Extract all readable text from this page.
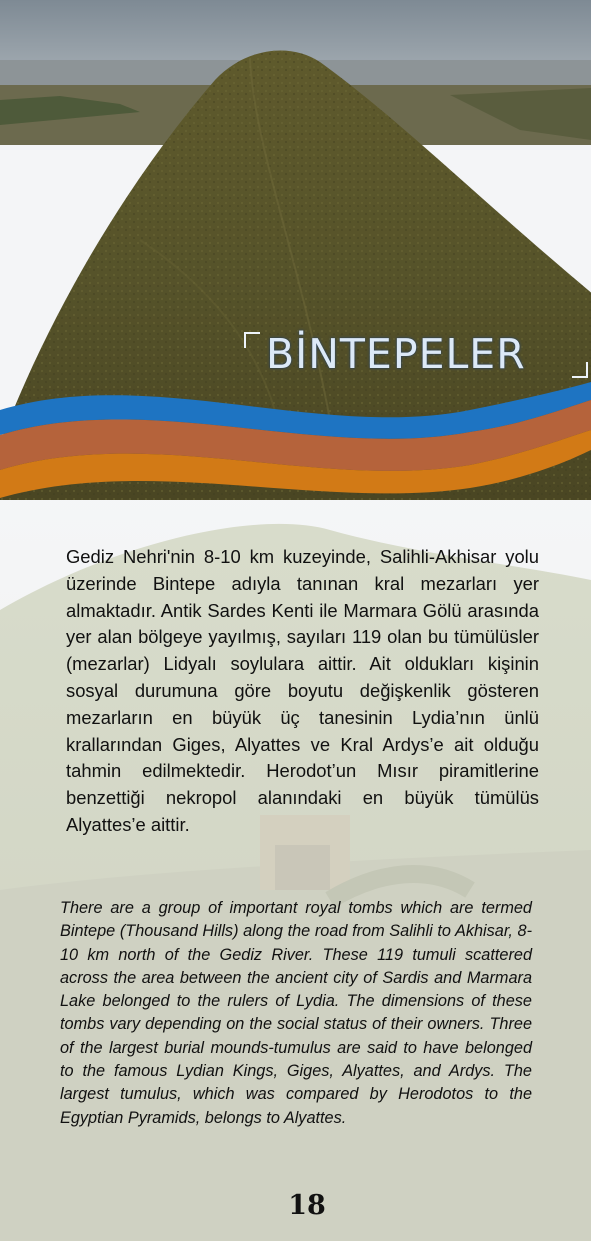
BİNTEPELER

Gediz Nehri'nin 8-10 km kuzeyinde, Salihli-Akhisar yolu üzerinde Bintepe adıyla tanınan kral mezarları yer almaktadır. Antik Sardes Kenti ile Marmara Gölü arasında yer alan bölgeye yayılmış, sayıları 119 olan bu tümülüsler (mezarlar) Lidyalı soylulara aittir. Ait oldukları kişinin sosyal durumuna göre boyutu değişkenlik gösteren mezarların en büyük üç tanesinin Lydia’nın ünlü krallarından Giges, Alyattes ve Kral Ardys’e ait olduğu tahmin edilmektedir. Herodot’un Mısır piramitlerine benzettiği nekropol alanındaki en büyük tümülüs Alyattes’e aittir.

There are a group of important royal tombs which are termed Bintepe (Thousand Hills) along the road from Salihli to Akhisar, 8-10 km north of the Gediz River. These 119 tumuli scattered across the area between the ancient city of Sardis and Marmara Lake belonged to the rulers of Lydia. The dimensions of these tombs vary depending on the social status of their owners. Three of the largest burial mounds-tumulus are said to have belonged to the famous Lydian Kings, Giges, Alyattes, and Ardys. The largest tumulus, which was compared by Herodotos to the Egyptian Pyramids, belongs to Alyattes.

18
